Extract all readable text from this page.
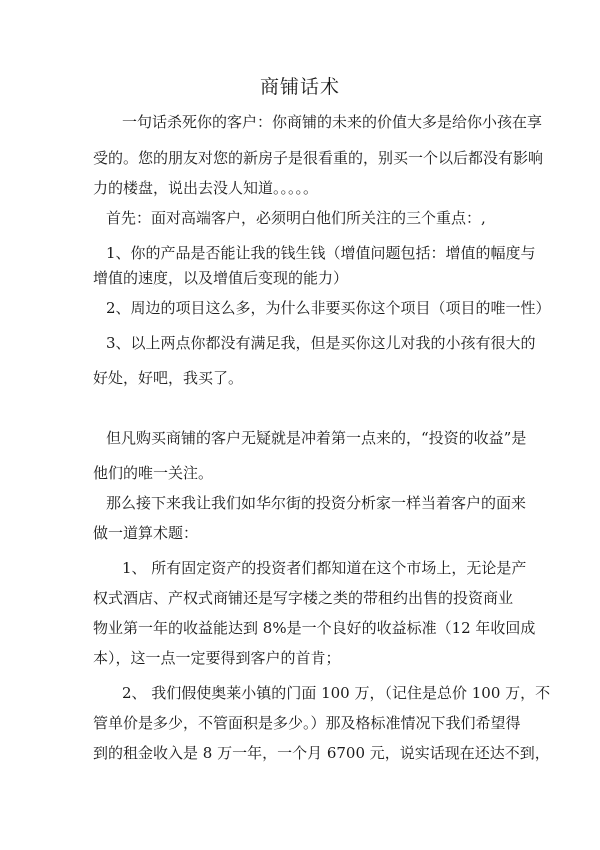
商铺话术
一句话杀死你的客户：你商铺的未来的价值大多是给你小孩在享
受的。您的朋友对您的新房子是很看重的，别买一个以后都没有影响
力的楼盘，说出去没人知道。。。。。
首先：面对高端客户，必须明白他们所关注的三个重点：,
1、你的产品是否能让我的钱生钱（增值问题包括：增值的幅度与
增值的速度，以及增值后变现的能力）
2、周边的项目这么多，为什么非要买你这个项目（项目的唯一性）
3、以上两点你都没有满足我，但是买你这儿对我的小孩有很大的
好处，好吧，我买了。
但凡购买商铺的客户无疑就是冲着第一点来的，“投资的收益”是
他们的唯一关注。
那么接下来我让我们如华尔街的投资分析家一样当着客户的面来
做一道算术题：
1、 所有固定资产的投资者们都知道在这个市场上，无论是产
权式酒店、产权式商铺还是写字楼之类的带租约出售的投资商业
物业第一年的收益能达到 8%是一个良好的收益标准（12 年收回成
本），这一点一定要得到客户的首肯；
2、 我们假使奥莱小镇的门面 100 万，（记住是总价 100 万，不
管单价是多少，不管面积是多少。）那及格标准情况下我们希望得
到的租金收入是 8 万一年，一个月 6700 元，说实话现在还达不到，
